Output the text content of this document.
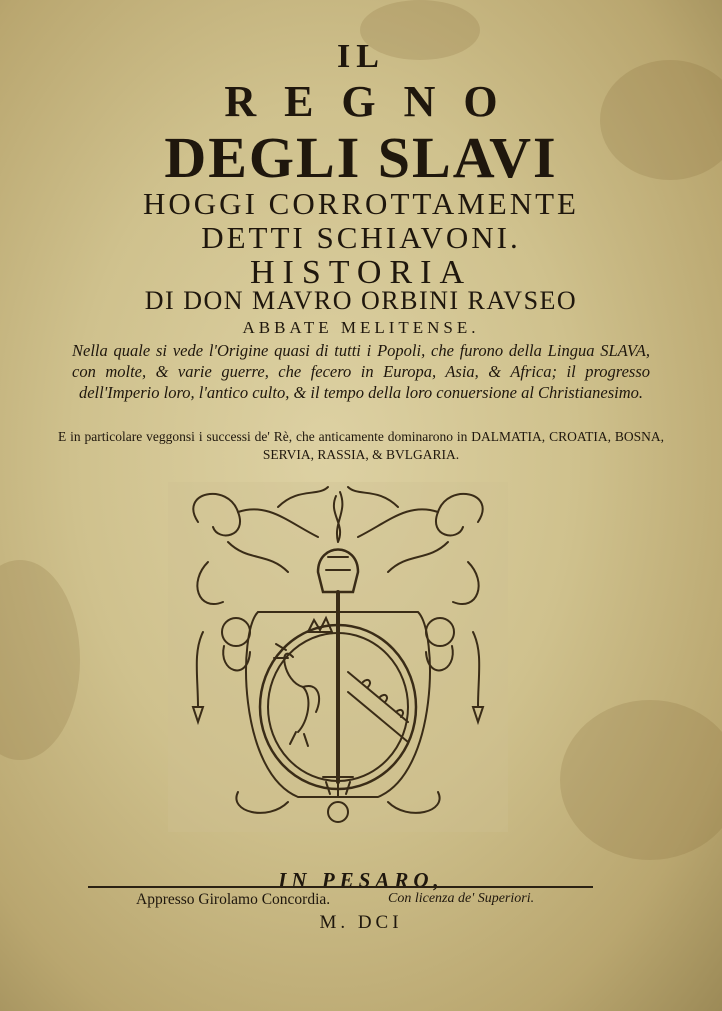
IL
REGNO
DEGLI SLAVI
HOGGI CORROTTAMENTE
DETTI SCHIAVONI.
HISTORIA
DI DON MAVRO ORBINI RAVSEO
ABBATE MELITENSE.
Nella quale si vede l'Origine quasi di tutti i Popoli, che furono della Lingua SLAVA, con molte, & varie guerre, che fecero in Europa, Asia, & Africa; il progresso dell'Imperio loro, l'antico culto, & il tempo della loro conuersione al Christianesimo.
E in particolare veggonsi i successi de' Rè, che anticamente dominarono in DALMATIA, CROATIA, BOSNA, SERVIA, RASSIA, & BVLGARIA.
IN PESARO,
Appresso Girolamo Concordia.	Con licenza de' Superiori.
M. DCI
